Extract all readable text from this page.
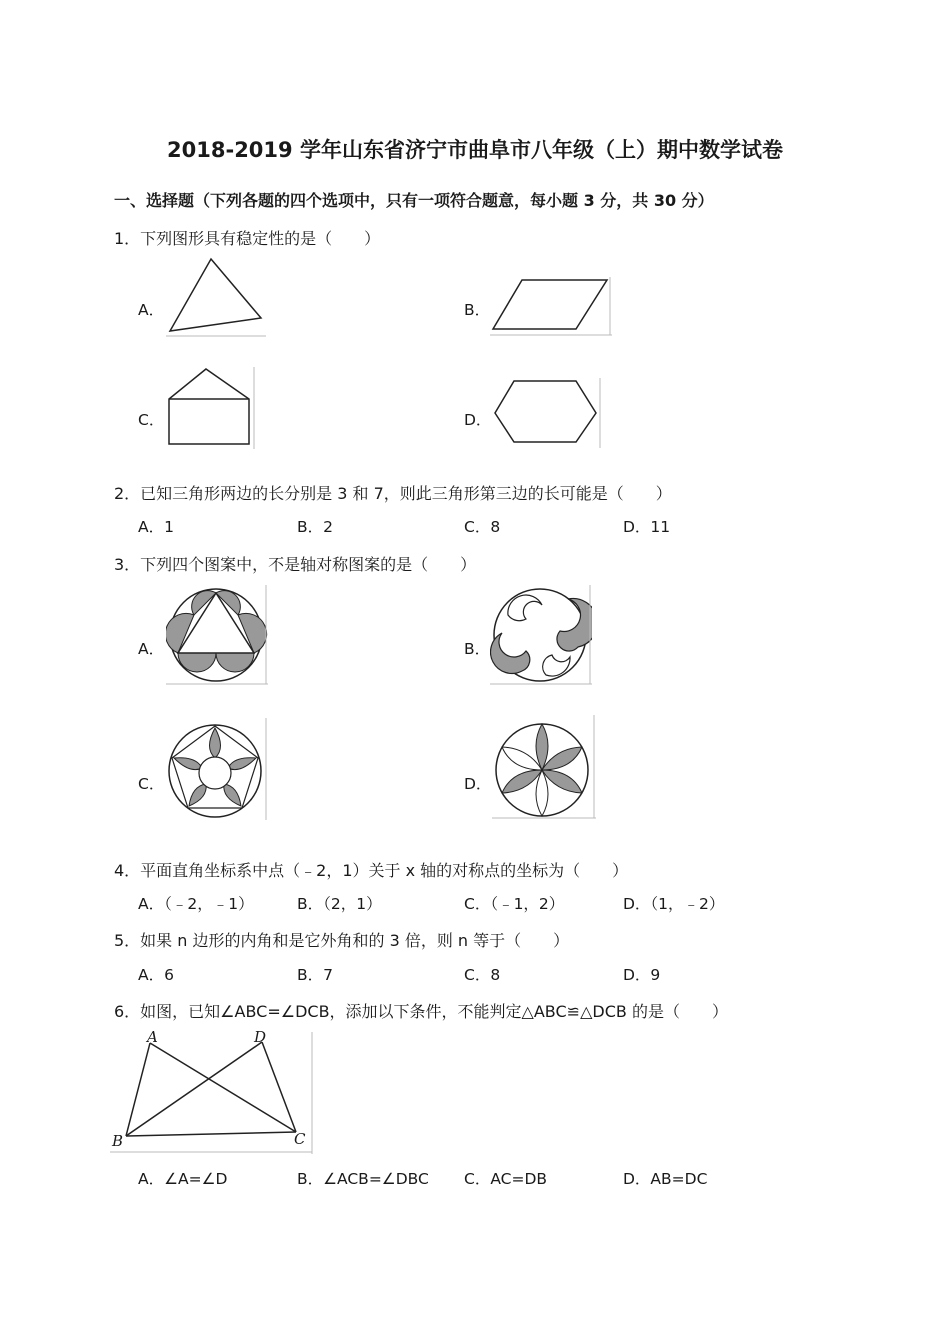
2018-2019 学年山东省济宁市曲阜市八年级（上）期中数学试卷
一、选择题（下列各题的四个选项中，只有一项符合题意，每小题 3 分，共 30 分）
1．下列图形具有稳定性的是（　　）
A．	B．
C．	D．
2．已知三角形两边的长分别是 3 和 7，则此三角形第三边的长可能是（　　）
A．1	B．2	C．8	D．11
3．下列四个图案中，不是轴对称图案的是（　　）
A．	B．
C．	D．
4．平面直角坐标系中点（﹣2，1）关于 x 轴的对称点的坐标为（　　）
A．（﹣2，﹣1）	B．（2，1）	C．（﹣1，2）	D．（1，﹣2）
5．如果 n 边形的内角和是它外角和的 3 倍，则 n 等于（　　）
A．6	B．7	C．8	D．9
6．如图，已知∠ABC=∠DCB，添加以下条件，不能判定△ABC≌△DCB 的是（　　）
A	D
B	C
A．∠A=∠D	B．∠ACB=∠DBC C．AC=DB	D．AB=DC
